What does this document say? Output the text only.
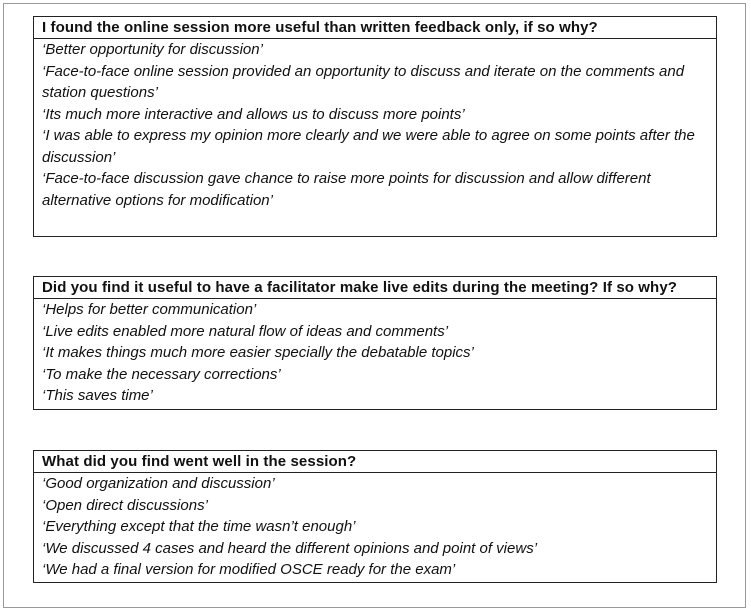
I found the online session more useful than written feedback only, if so why?

‘Better opportunity for discussion’

‘Face-to-face online session provided an opportunity to discuss and iterate on the comments and station questions’

‘Its much more interactive and allows us to discuss more points’

‘I was able to express my opinion more clearly and we were able to agree on some points after the discussion’

‘Face-to-face discussion gave chance to raise more points for discussion and allow different alternative options for modification’

Did you find it useful to have a facilitator make live edits during the meeting? If so why?

‘Helps for better communication’

‘Live edits enabled more natural flow of ideas and comments’

‘It makes things much more easier specially the debatable topics’

‘To make the necessary corrections’

‘This saves time’

What did you find went well in the session?

‘Good organization and discussion’

‘Open direct discussions’

‘Everything except that the time wasn’t enough’

‘We discussed 4 cases and heard the different opinions and point of views’

‘We had a final version for modified OSCE ready for the exam’
